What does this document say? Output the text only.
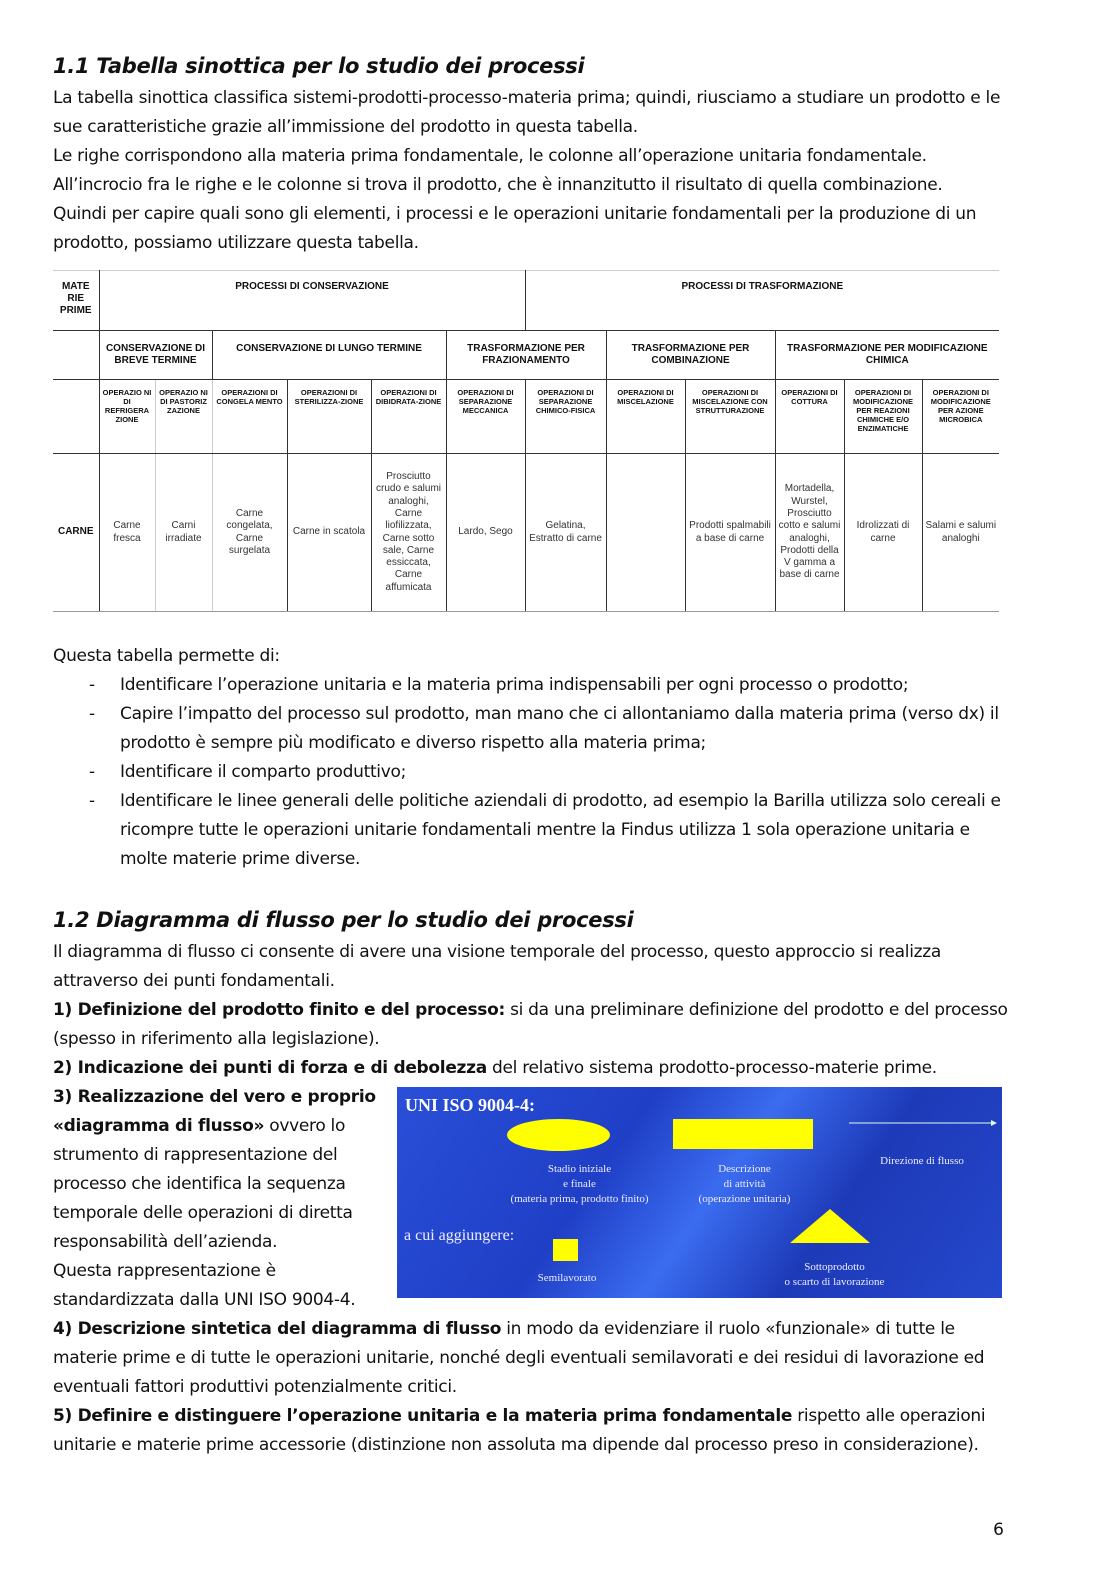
1.1 Tabella sinottica per lo studio dei processi

La tabella sinottica classifica sistemi-prodotti-processo-materia prima; quindi, riusciamo a studiare un prodotto e le sue caratteristiche grazie all’immissione del prodotto in questa tabella.

Le righe corrispondono alla materia prima fondamentale, le colonne all’operazione unitaria fondamentale.

All’incrocio fra le righe e le colonne si trova il prodotto, che è innanzitutto il risultato di quella combinazione.

Quindi per capire quali sono gli elementi, i processi e le operazioni unitarie fondamentali per la produzione di un prodotto, possiamo utilizzare questa tabella.

MATE RIE PRIME	PROCESSI DI CONSERVAZIONE						PROCESSI DI TRASFORMAZIONE					
	CONSERVAZIONE DI BREVE TERMINE		CONSERVAZIONE DI LUNGO TERMINE			TRASFORMAZIONE PER FRAZIONAMENTO		TRASFORMAZIONE PER COMBINAZIONE		TRASFORMAZIONE PER MODIFICAZIONE CHIMICA		
	OPERAZIO NI DI REFRIGERA ZIONE	OPERAZIO NI DI PASTORIZ ZAZIONE	OPERAZIONI DI CONGELA MENTO	OPERAZIONI DI STERILIZZA-ZIONE	OPERAZIONI DI DIBIDRATA-ZIONE	OPERAZIONI DI SEPARAZIONE MECCANICA	OPERAZIONI DI SEPARAZIONE CHIMICO-FISICA	OPERAZIONI DI MISCELAZIONE	OPERAZIONI DI MISCELAZIONE CON STRUTTURAZIONE	OPERAZIONI DI COTTURA	OPERAZIONI DI MODIFICAZIONE PER REAZIONI CHIMICHE E/O ENZIMATICHE	OPERAZIONI DI MODIFICAZIONE PER AZIONE MICROBICA
CARNE	Carne fresca	Carni irradiate	Carne congelata, Carne surgelata	Carne in scatola	Prosciutto crudo e salumi analoghi, Carne liofilizzata, Carne sotto sale, Carne essiccata, Carne affumicata	Lardo, Sego	Gelatina, Estratto di carne		Prodotti spalmabili a base di carne	Mortadella, Wurstel, Prosciutto cotto e salumi analoghi, Prodotti della V gamma a base di carne	Idrolizzati di carne	Salami e salumi analoghi

Questa tabella permette di:

- Identificare l’operazione unitaria e la materia prima indispensabili per ogni processo o prodotto;
- Capire l’impatto del processo sul prodotto, man mano che ci allontaniamo dalla materia prima (verso dx) il prodotto è sempre più modificato e diverso rispetto alla materia prima;
- Identificare il comparto produttivo;
- Identificare le linee generali delle politiche aziendali di prodotto, ad esempio la Barilla utilizza solo cereali e ricompre tutte le operazioni unitarie fondamentali mentre la Findus utilizza 1 sola operazione unitaria e molte materie prime diverse.
1.2 Diagramma di flusso per lo studio dei processi

Il diagramma di flusso ci consente di avere una visione temporale del processo, questo approccio si realizza attraverso dei punti fondamentali.

1) Definizione del prodotto finito e del processo: si da una preliminare definizione del prodotto e del processo (spesso in riferimento alla legislazione).

2) Indicazione dei punti di forza e di debolezza del relativo sistema prodotto-processo-materie prime.

3) Realizzazione del vero e proprio «diagramma di flusso» ovvero lo strumento di rappresentazione del processo che identifica la sequenza temporale delle operazioni di diretta responsabilità dell’azienda.

Questa rappresentazione è standardizzata dalla UNI ISO 9004-4.

UNI ISO 9004-4:
Stadio iniziale
e finale
(materia prima, prodotto finito)
Descrizione
di attività
(operazione unitaria)
Direzione di flusso
a cui aggiungere:
Semilavorato
Sottoprodotto
o scarto di lavorazione

4) Descrizione sintetica del diagramma di flusso in modo da evidenziare il ruolo «funzionale» di tutte le materie prime e di tutte le operazioni unitarie, nonché degli eventuali semilavorati e dei residui di lavorazione ed eventuali fattori produttivi potenzialmente critici.

5) Definire e distinguere l’operazione unitaria e la materia prima fondamentale rispetto alle operazioni unitarie e materie prime accessorie (distinzione non assoluta ma dipende dal processo preso in considerazione).

6
